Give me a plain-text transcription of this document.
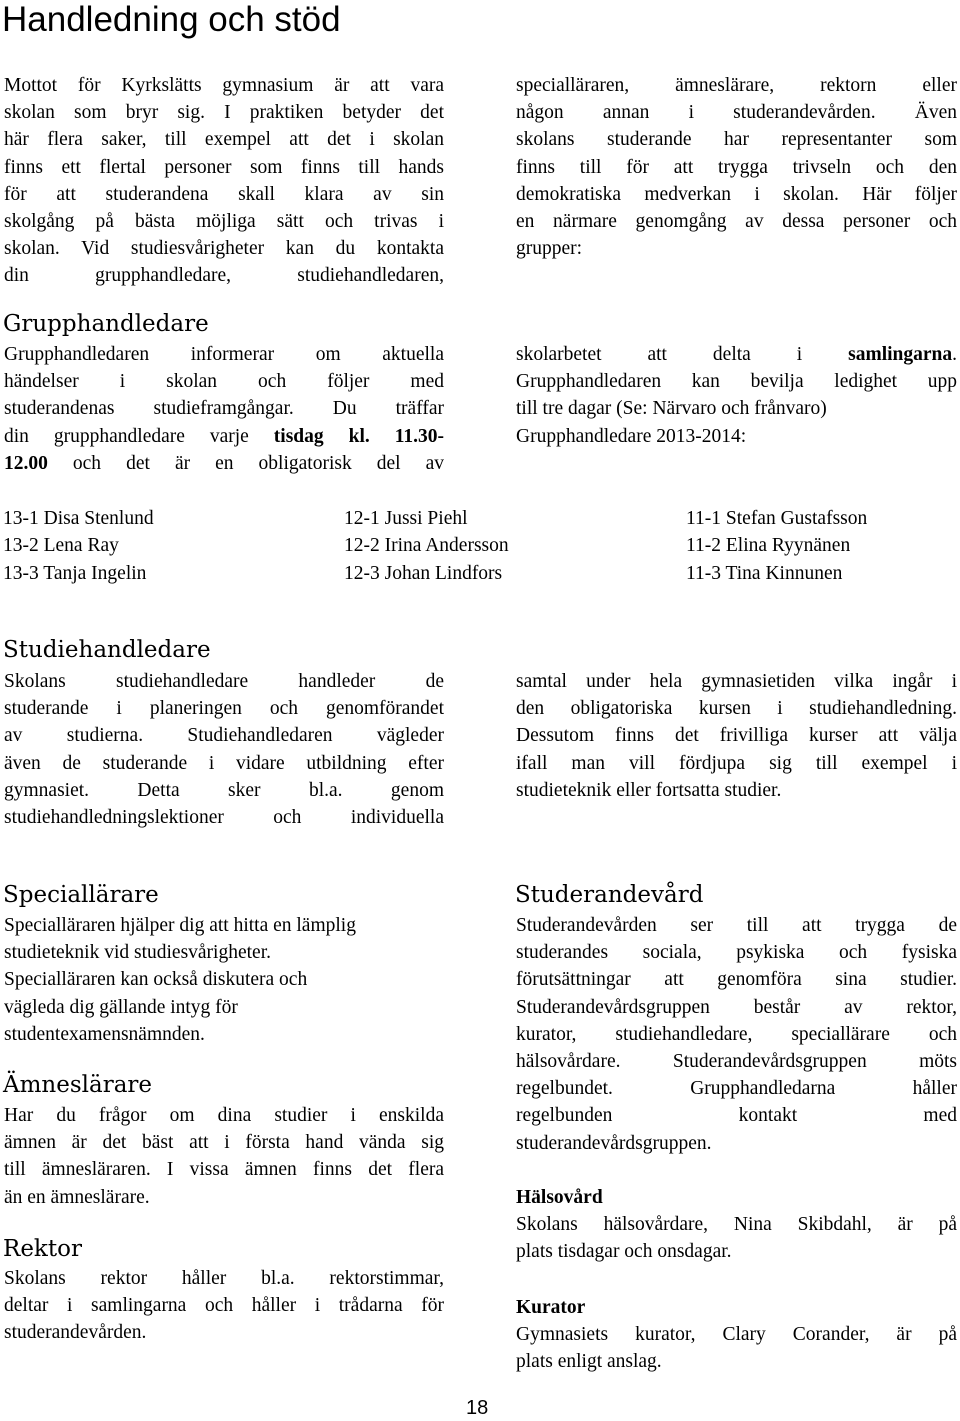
Handledning och stöd
Mottot för Kyrkslätts gymnasium är att vara
skolan som bryr sig. I praktiken betyder det
här flera saker, till exempel att det i skolan
finns ett flertal personer som finns till hands
för att studerandena skall klara av sin
skolgång på bästa möjliga sätt och trivas i
skolan. Vid studiesvårigheter kan du kontakta
din grupphandledare, studiehandledaren,
specialläraren, ämneslärare, rektorn eller
någon annan i studerandevården. Även
skolans studerande har representanter som
finns till för att trygga trivseln och den
demokratiska medverkan i skolan. Här följer
en närmare genomgång av dessa personer och
grupper:
Grupphandledare
Grupphandledaren informerar om aktuella
händelser i skolan och följer med
studerandenas studieframgångar. Du träffar
din grupphandledare varje tisdag kl. 11.30-
12.00 och det är en obligatorisk del av
skolarbetet att delta i samlingarna.
Grupphandledaren kan bevilja ledighet upp
till tre dagar (Se: Närvaro och frånvaro)
Grupphandledare 2013-2014:
13-1 Disa Stenlund	12-1 Jussi Piehl	11-1 Stefan Gustafsson
13-2 Lena Ray	12-2 Irina Andersson	11-2 Elina Ryynänen
13-3 Tanja Ingelin	12-3 Johan Lindfors	11-3 Tina Kinnunen
Studiehandledare
Skolans studiehandledare handleder de
studerande i planeringen och genomförandet
av studierna. Studiehandledaren vägleder
även de studerande i vidare utbildning efter
gymnasiet. Detta sker bl.a. genom
studiehandledningslektioner och individuella
samtal under hela gymnasietiden vilka ingår i
den obligatoriska kursen i studiehandledning.
Dessutom finns det frivilliga kurser att välja
ifall man vill fördjupa sig till exempel i
studieteknik eller fortsatta studier.
Speciallärare
Specialläraren hjälper dig att hitta en lämplig
studieteknik vid studiesvårigheter.
Specialläraren kan också diskutera och
vägleda dig gällande intyg för
studentexamensnämnden.
Ämneslärare
Har du frågor om dina studier i enskilda
ämnen är det bäst att i första hand vända sig
till ämnesläraren. I vissa ämnen finns det flera
än en ämneslärare.
Rektor
Skolans rektor håller bl.a. rektorstimmar,
deltar i samlingarna och håller i trådarna för
studerandevården.
Studerandevård
Studerandevården ser till att trygga de
studerandes sociala, psykiska och fysiska
förutsättningar att genomföra sina studier.
Studerandevårdsgruppen består av rektor,
kurator, studiehandledare, speciallärare och
hälsovårdare. Studerandevårdsgruppen möts
regelbundet. Grupphandledarna håller
regelbunden kontakt med
studerandevårdsgruppen.
Hälsovård
Skolans hälsovårdare, Nina Skibdahl, är på
plats tisdagar och onsdagar.
Kurator
Gymnasiets kurator, Clary Corander, är på
plats enligt anslag.
18
